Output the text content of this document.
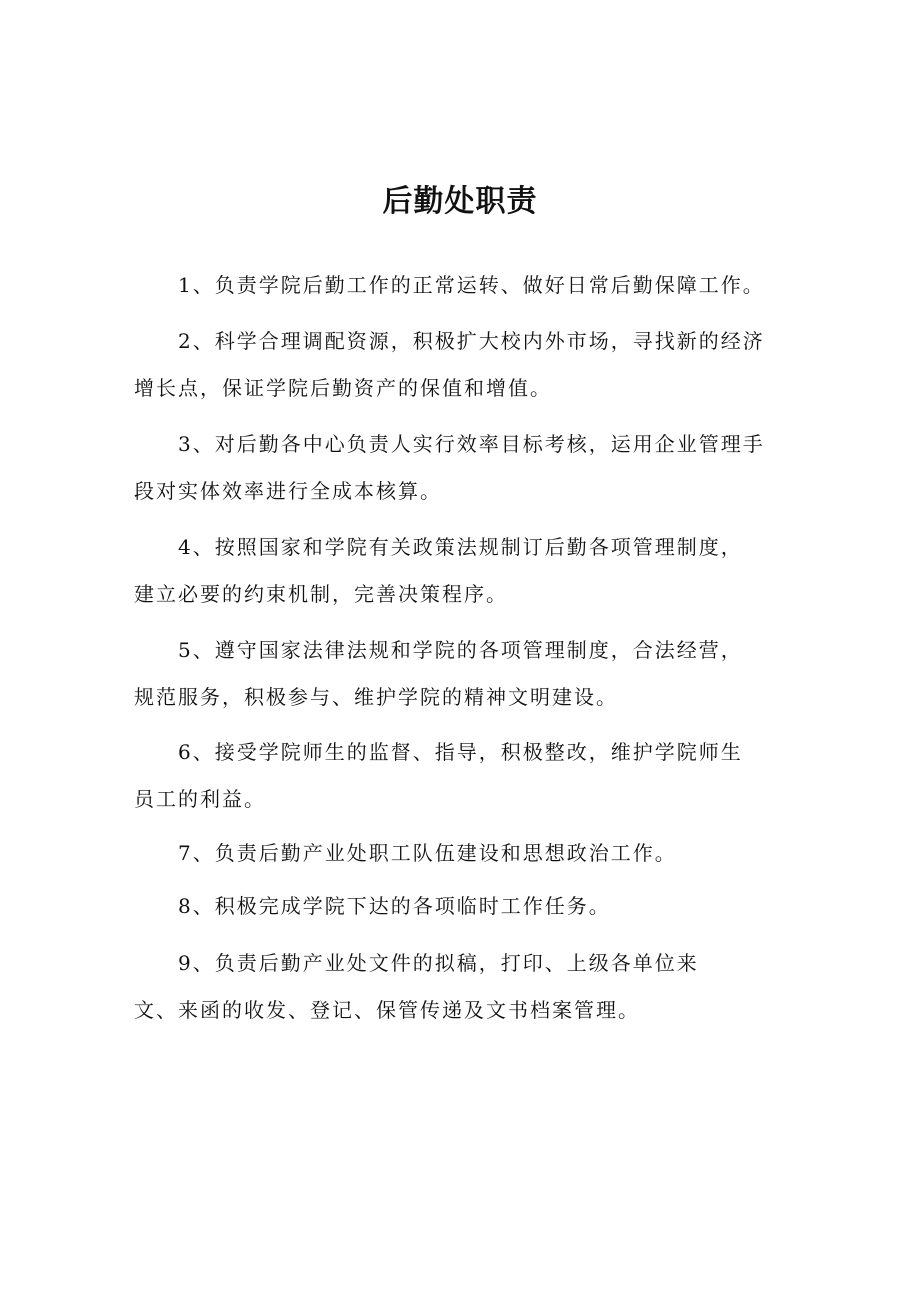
后勤处职责

1、负责学院后勤工作的正常运转、做好日常后勤保障工作。

2、科学合理调配资源，积极扩大校内外市场，寻找新的经济
增长点，保证学院后勤资产的保值和增值。

3、对后勤各中心负责人实行效率目标考核，运用企业管理手
段对实体效率进行全成本核算。

4、按照国家和学院有关政策法规制订后勤各项管理制度，
建立必要的约束机制，完善决策程序。

5、遵守国家法律法规和学院的各项管理制度，合法经营，
规范服务，积极参与、维护学院的精神文明建设。

6、接受学院师生的监督、指导，积极整改，维护学院师生
员工的利益。

7、负责后勤产业处职工队伍建设和思想政治工作。

8、积极完成学院下达的各项临时工作任务。

9、负责后勤产业处文件的拟稿，打印、上级各单位来
文、来函的收发、登记、保管传递及文书档案管理。
